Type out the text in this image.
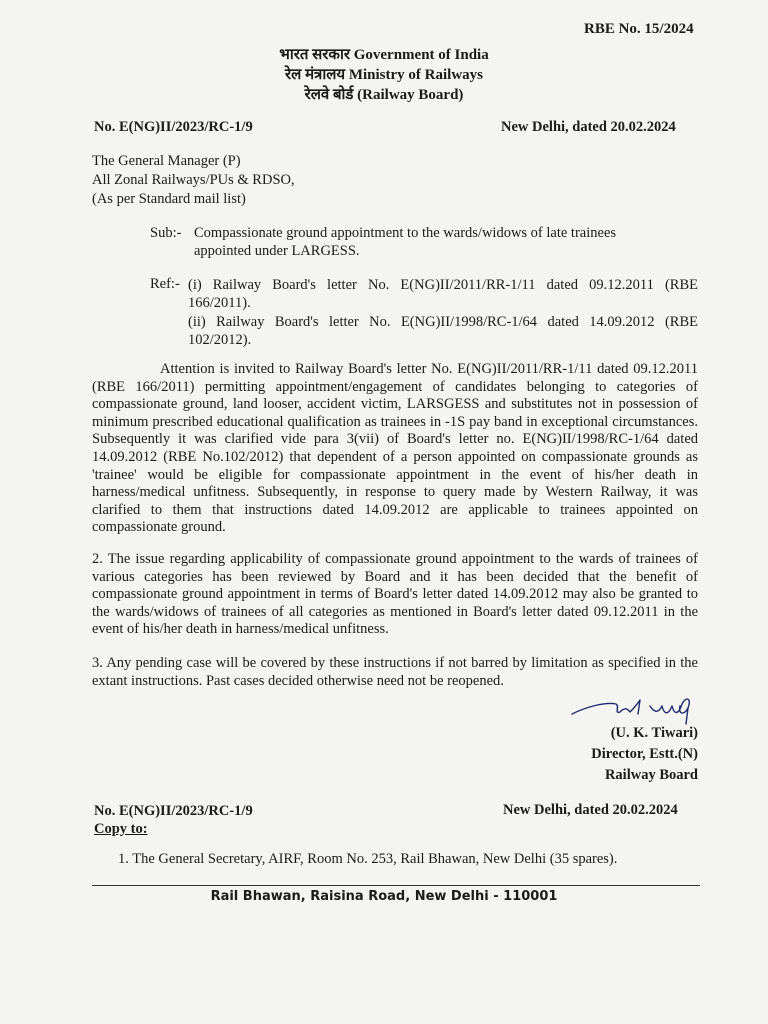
RBE No. 15/2024
भारत सरकार Government of India
रेल मंत्रालय Ministry of Railways
रेलवे बोर्ड (Railway Board)
No. E(NG)II/2023/RC-1/9	New Delhi, dated 20.02.2024
The General Manager (P)
All Zonal Railways/PUs & RDSO,
(As per Standard mail list)
Sub:- Compassionate ground appointment to the wards/widows of late trainees
appointed under LARGESS.
Ref:- (i) Railway Board's letter No. E(NG)II/2011/RR-1/11 dated 09.12.2011 (RBE 166/2011).
(ii) Railway Board's letter No. E(NG)II/1998/RC-1/64 dated 14.09.2012 (RBE 102/2012).
Attention is invited to Railway Board's letter No. E(NG)II/2011/RR-1/11 dated 09.12.2011 (RBE 166/2011) permitting appointment/engagement of candidates belonging to categories of compassionate ground, land looser, accident victim, LARSGESS and substitutes not in possession of minimum prescribed educational qualification as trainees in -1S pay band in exceptional circumstances. Subsequently it was clarified vide para 3(vii) of Board's letter no. E(NG)II/1998/RC-1/64 dated 14.09.2012 (RBE No.102/2012) that dependent of a person appointed on compassionate grounds as 'trainee' would be eligible for compassionate appointment in the event of his/her death in harness/medical unfitness. Subsequently, in response to query made by Western Railway, it was clarified to them that instructions dated 14.09.2012 are applicable to trainees appointed on compassionate ground.
2. The issue regarding applicability of compassionate ground appointment to the wards of trainees of various categories has been reviewed by Board and it has been decided that the benefit of compassionate ground appointment in terms of Board's letter dated 14.09.2012 may also be granted to the wards/widows of trainees of all categories as mentioned in Board's letter dated 09.12.2011 in the event of his/her death in harness/medical unfitness.
3. Any pending case will be covered by these instructions if not barred by limitation as specified in the extant instructions. Past cases decided otherwise need not be reopened.
(U. K. Tiwari)
Director, Estt.(N)
Railway Board
No. E(NG)II/2023/RC-1/9
Copy to:
New Delhi, dated 20.02.2024
1. The General Secretary, AIRF, Room No. 253, Rail Bhawan, New Delhi (35 spares).
Rail Bhawan, Raisina Road, New Delhi - 110001
